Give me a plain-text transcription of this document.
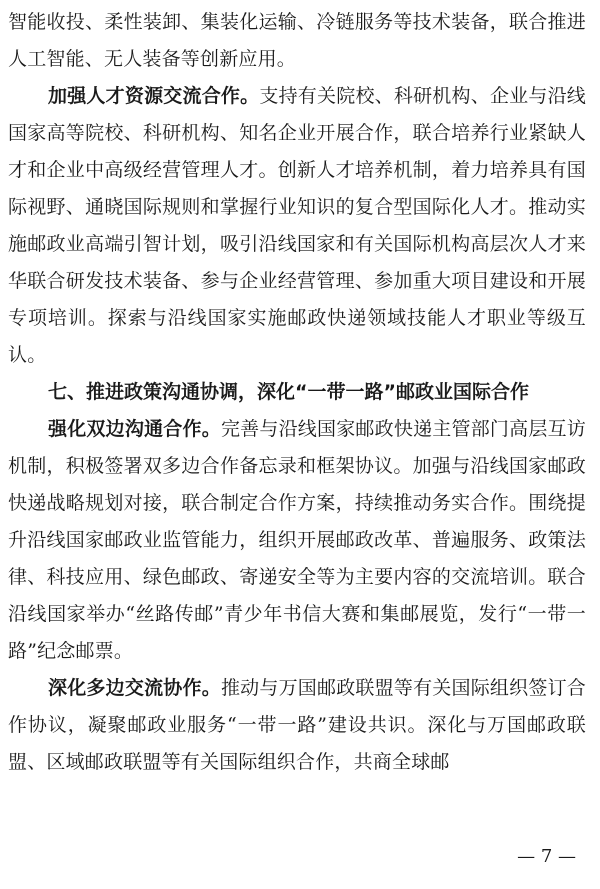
智能收投、柔性装卸、集装化运输、冷链服务等技术装备，联合推进人工智能、无人装备等创新应用。

加强人才资源交流合作。支持有关院校、科研机构、企业与沿线国家高等院校、科研机构、知名企业开展合作，联合培养行业紧缺人才和企业中高级经营管理人才。创新人才培养机制，着力培养具有国际视野、通晓国际规则和掌握行业知识的复合型国际化人才。推动实施邮政业高端引智计划，吸引沿线国家和有关国际机构高层次人才来华联合研发技术装备、参与企业经营管理、参加重大项目建设和开展专项培训。探索与沿线国家实施邮政快递领域技能人才职业等级互认。

七、推进政策沟通协调，深化“一带一路”邮政业国际合作

强化双边沟通合作。完善与沿线国家邮政快递主管部门高层互访机制，积极签署双多边合作备忘录和框架协议。加强与沿线国家邮政快递战略规划对接，联合制定合作方案，持续推动务实合作。围绕提升沿线国家邮政业监管能力，组织开展邮政改革、普遍服务、政策法律、科技应用、绿色邮政、寄递安全等为主要内容的交流培训。联合沿线国家举办“丝路传邮”青少年书信大赛和集邮展览，发行“一带一路”纪念邮票。

深化多边交流协作。推动与万国邮政联盟等有关国际组织签订合作协议，凝聚邮政业服务“一带一路”建设共识。深化与万国邮政联盟、区域邮政联盟等有关国际组织合作，共商全球邮

— 7 —
